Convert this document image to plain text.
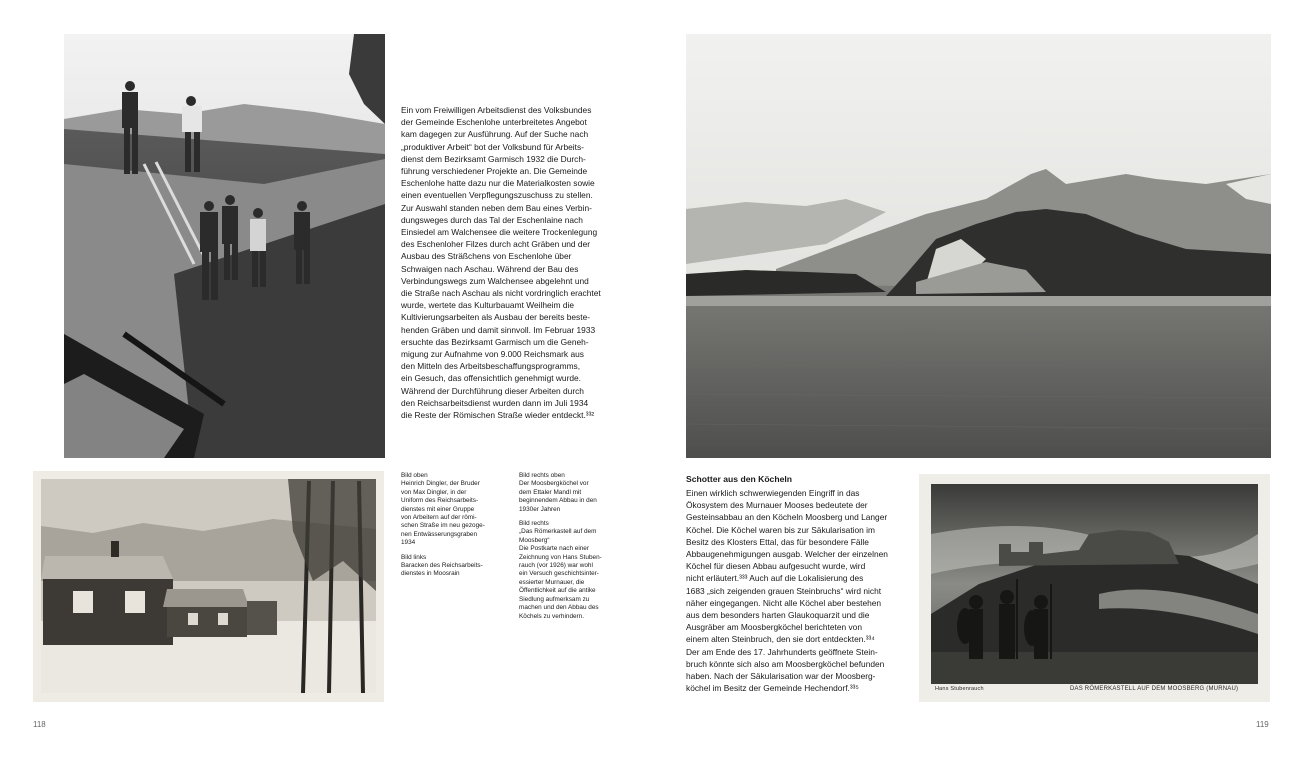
Ein vom Freiwilligen Arbeitsdienst des Volksbundes
der Gemeinde Eschenlohe unterbreitetes Angebot
kam dagegen zur Ausführung. Auf der Suche nach
„produktiver Arbeit“ bot der Volksbund für Arbeits-
dienst dem Bezirksamt Garmisch 1932 die Durch-
führung verschiedener Projekte an. Die Gemeinde
Eschenlohe hatte dazu nur die Materialkosten sowie
einen eventuellen Verpflegungszuschuss zu stellen.
Zur Auswahl standen neben dem Bau eines Verbin-
dungsweges durch das Tal der Eschenlaine nach
Einsiedel am Walchensee die weitere Trockenlegung
des Eschenloher Filzes durch acht Gräben und der
Ausbau des Sträßchens von Eschenlohe über
Schwaigen nach Aschau. Während der Bau des
Verbindungswegs zum Walchensee abgelehnt und
die Straße nach Aschau als nicht vordringlich erachtet
wurde, wertete das Kulturbauamt Weilheim die
Kultivierungsarbeiten als Ausbau der bereits beste-
henden Gräben und damit sinnvoll. Im Februar 1933
ersuchte das Bezirksamt Garmisch um die Geneh-
migung zur Aufnahme von 9.000 Reichsmark aus
den Mitteln des Arbeitsbeschaffungsprogramms,
ein Gesuch, das offensichtlich genehmigt wurde.
Während der Durchführung dieser Arbeiten durch
den Reichsarbeitsdienst wurden dann im Juli 1934
die Reste der Römischen Straße wieder entdeckt.³³²

Bild oben
Heinrich Dingler, der Bruder
von Max Dingler, in der
Uniform des Reichsarbeits-
dienstes mit einer Gruppe
von Arbeitern auf der römi-
schen Straße im neu gezoge-
nen Entwässerungsgraben
1934

Bild links
Baracken des Reichsarbeits-
dienstes in Moosrain

Bild rechts oben
Der Moosbergköchel vor
dem Ettaler Mandl mit
beginnendem Abbau in den
1930er Jahren

Bild rechts
„Das Römerkastell auf dem
Moosberg“
Die Postkarte nach einer
Zeichnung von Hans Stuben-
rauch (vor 1926) war wohl
ein Versuch geschichtsinter-
essierter Murnauer, die
Öffentlichkeit auf die antike
Siedlung aufmerksam zu
machen und den Abbau des
Köchels zu verhindern.

118

Schotter aus den Köcheln

Einen wirklich schwerwiegenden Eingriff in das
Ökosystem des Murnauer Mooses bedeutete der
Gesteinsabbau an den Köcheln Moosberg und Langer
Köchel. Die Köchel waren bis zur Säkularisation im
Besitz des Klosters Ettal, das für besondere Fälle
Abbaugenehmigungen ausgab. Welcher der einzelnen
Köchel für diesen Abbau aufgesucht wurde, wird
nicht erläutert.³³³ Auch auf die Lokalisierung des
1683 „sich zeigenden grauen Steinbruchs“ wird nicht
näher eingegangen. Nicht alle Köchel aber bestehen
aus dem besonders harten Glaukoquarzit und die
Ausgräber am Moosbergköchel berichteten von
einem alten Steinbruch, den sie dort entdeckten.³³⁴
Der am Ende des 17. Jahrhunderts geöffnete Stein-
bruch könnte sich also am Moosbergköchel befunden
haben. Nach der Säkularisation war der Moosberg-
köchel im Besitz der Gemeinde Hechendorf.³³⁵	Hans Stubenrauch	DAS RÖMERKASTELL AUF DEM MOOSBERG (MURNAU)

119
